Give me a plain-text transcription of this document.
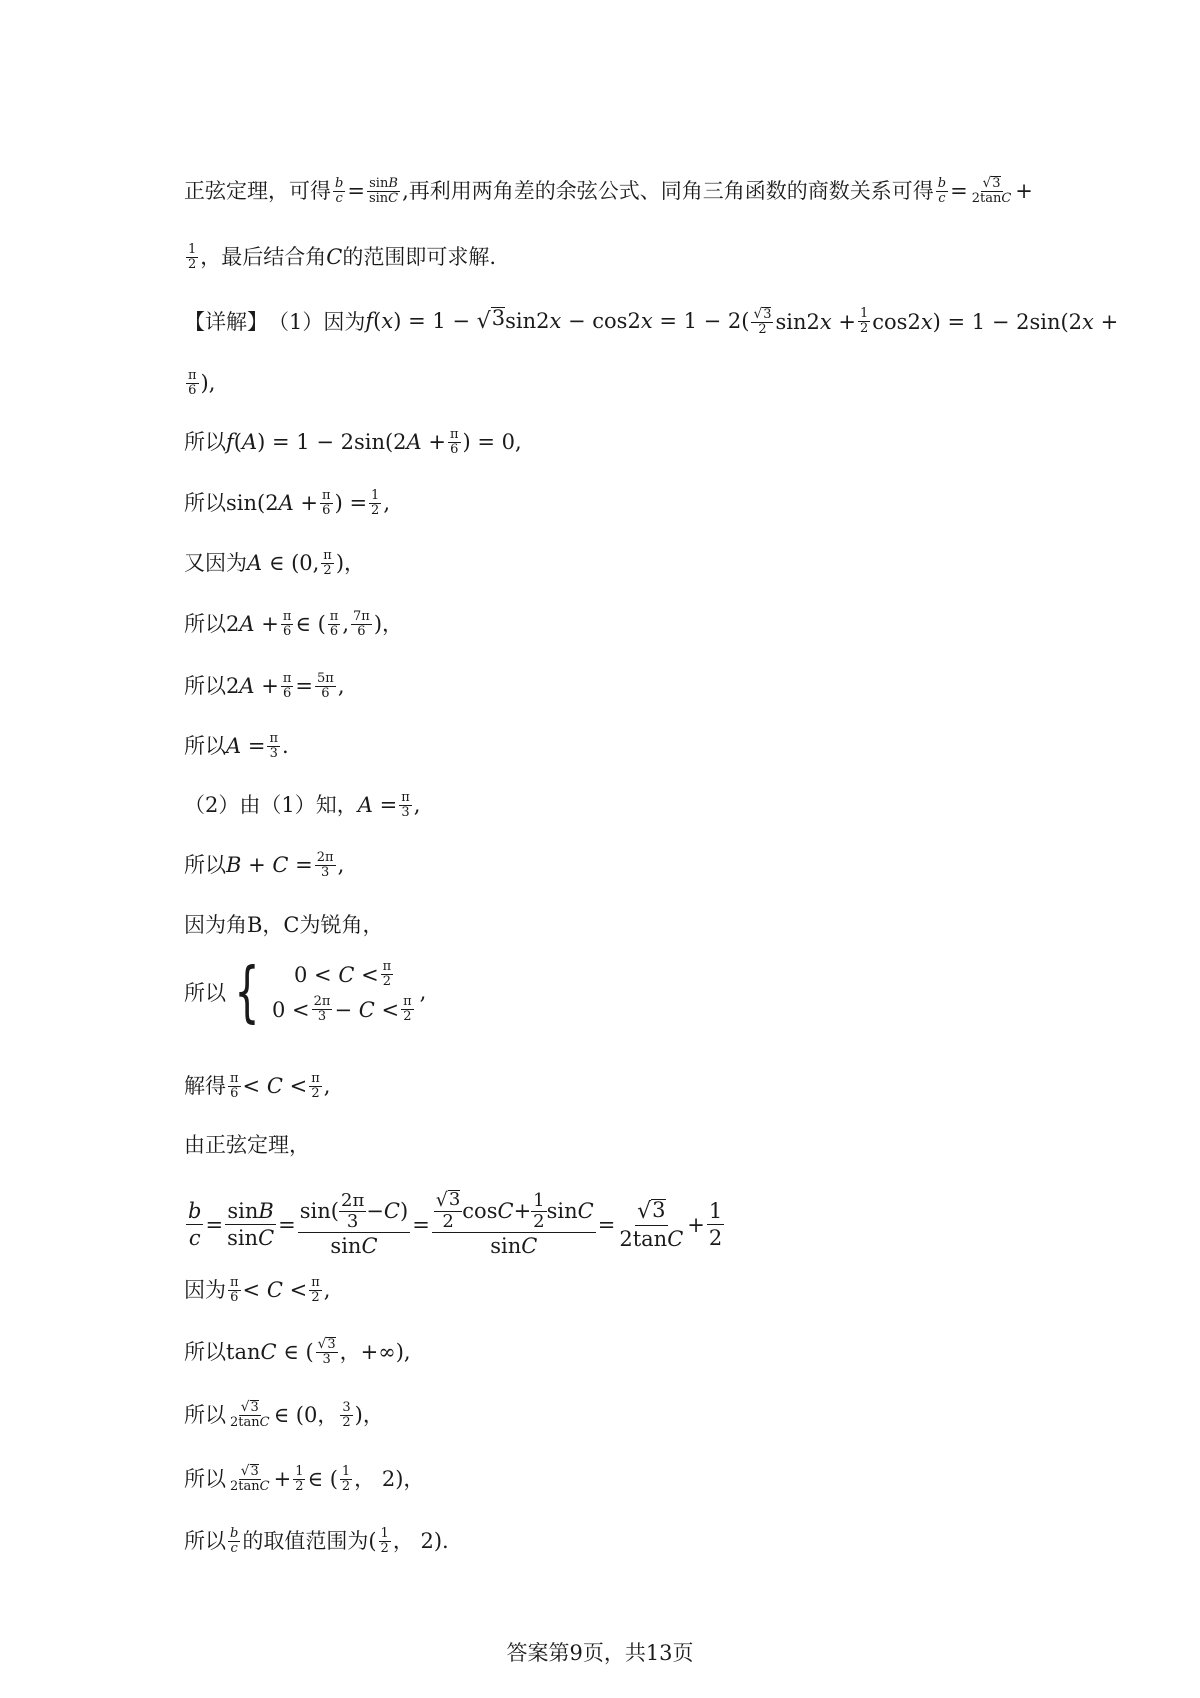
正弦定理，可得 $\frac{b}{c} = \frac{\sin B}{\sin C}$ , 再利用两角差的余弦公式、同角三角函数的商数关系可得 $\frac{b}{c} = \frac{√ 3}{2\tan C}$ +
$\frac{1}{2}$ ，最后结合角 C 的范围即可求解.
【详解】 （1）因为 f(x) = 1 − √ 3 $\sin 2x - \cos 2x = 1 - 2( \frac{√ 3}{2} \sin 2x + \frac{1}{2} \cos 2x) = 1 - 2\sin(2x$ +
$\frac{\pi}{6}$ ),
所以 $f(A) = 1 - 2\sin(2A + \frac{\pi}{6}$ ) = 0,
所以 $\sin(2A + \frac{\pi}{6}$ ) = $\frac{1}{2}$ ,
又因为 A ∈ (0, $\frac{\pi}{2}$ )，
所以 $2A + \frac{\pi}{6}$ ∈ ( $\frac{\pi}{6}$ , $\frac{7\pi}{6}$ )，
所以 $2A + \frac{\pi}{6} = \frac{5\pi}{6}$ ,
所以 $A = \frac{\pi}{3}$ .
（2）由（1）知， $A = \frac{\pi}{3}$ ,
所以 $B + C = \frac{2\pi}{3}$ ,
因为角B，C为锐角，
所以 { $0 < C < \frac{\pi}{2}$
$0 < \frac{2\pi}{3} - C < \frac{\pi}{2}$
,
解得 $\frac{\pi}{6} < C < \frac{\pi}{2}$ ,
由正弦定理，
$\frac{b}{c} = \frac{\sin B}{\sin C} = \frac{\sin( \frac{2\pi}{3} - C )}{\sin C} = \frac{\frac{√ 3}{2} \cos C + \frac{1}{2} \sin C}{\sin C} = \frac{√ 3}{2\tan C} + \frac{1}{2}$
因为 $\frac{\pi}{6} < C < \frac{\pi}{2}$ ,
所以 tanC ∈ ( $\frac{√ 3}{3}$ ， +∞),
所以 $\frac{√ 3}{2\tan C}$ ∈ (0， $\frac{3}{2}$ )，
所以 $\frac{√ 3}{2\tan C} + \frac{1}{2}$ ∈ ( $\frac{1}{2}$ ， 2)，
所以 $\frac{b}{c}$ 的取值范围为 ( $\frac{1}{2}$ ， 2).
答案第9页，共13页
